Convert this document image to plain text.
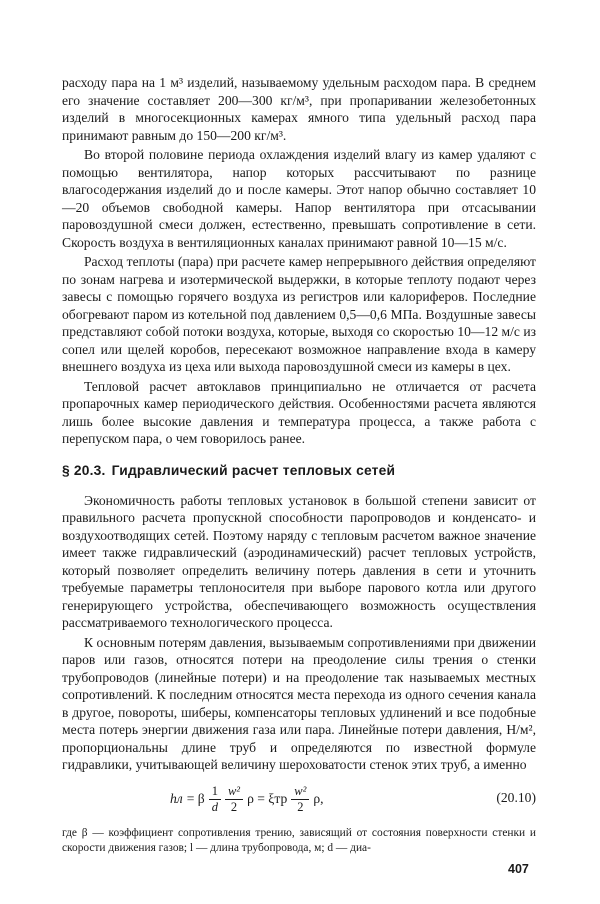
расходу пара на 1 м³ изделий, называемому удельным расходом пара. В среднем его значение составляет 200—300 кг/м³, при пропаривании железобетонных изделий в многосекционных камерах ямного типа удельный расход пара принимают равным до 150—200 кг/м³.

Во второй половине периода охлаждения изделий влагу из камер удаляют с помощью вентилятора, напор которых рассчитывают по разнице влагосодержания изделий до и после камеры. Этот напор обычно составляет 10—20 объемов свободной камеры. Напор вентилятора при отсасывании паровоздушной смеси должен, естественно, превышать сопротивление в сети. Скорость воздуха в вентиляционных каналах принимают равной 10—15 м/с.

Расход теплоты (пара) при расчете камер непрерывного действия определяют по зонам нагрева и изотермической выдержки, в которые теплоту подают через завесы с помощью горячего воздуха из регистров или калориферов. Последние обогревают паром из котельной под давлением 0,5—0,6 МПа. Воздушные завесы представляют собой потоки воздуха, которые, выходя со скоростью 10—12 м/с из сопел или щелей коробов, пересекают возможное направление входа в камеру внешнего воздуха из цеха или выхода паровоздушной смеси из камеры в цех.

Тепловой расчет автоклавов принципиально не отличается от расчета пропарочных камер периодического действия. Особенностями расчета являются лишь более высокие давления и температура процесса, а также работа с перепуском пара, о чем говорилось ранее.

§ 20.3. Гидравлический расчет тепловых сетей

Экономичность работы тепловых установок в большой степени зависит от правильного расчета пропускной способности паропроводов и конденсато- и воздухоотводящих сетей. Поэтому наряду с тепловым расчетом важное значение имеет также гидравлический (аэродинамический) расчет тепловых устройств, который позволяет определить величину потерь давления в сети и уточнить требуемые параметры теплоносителя при выборе парового котла или другого генерирующего устройства, обеспечивающего возможность осуществления рассматриваемого технологического процесса.

К основным потерям давления, вызываемым сопротивлениями при движении паров или газов, относятся потери на преодоление силы трения о стенки трубопроводов (линейные потери) и на преодоление так называемых местных сопротивлений. К последним относятся места перехода из одного сечения канала в другое, повороты, шиберы, компенсаторы тепловых удлинений и все подобные места потерь энергии движения газа или пара. Линейные потери давления, Н/м², пропорциональны длине труб и определяются по известной формуле гидравлики, учитывающей величину шероховатости стенок этих труб, а именно

hл = β $\frac{1}{d} \frac{\text{w²}}{2}$ ρ = ξтр $\frac{\text{w²}}{2} \rho$,	(20.10)

где β — коэффициент сопротивления трению, зависящий от состояния поверхности стенки и скорости движения газов; l — длина трубопровода, м; d — диа-

407
